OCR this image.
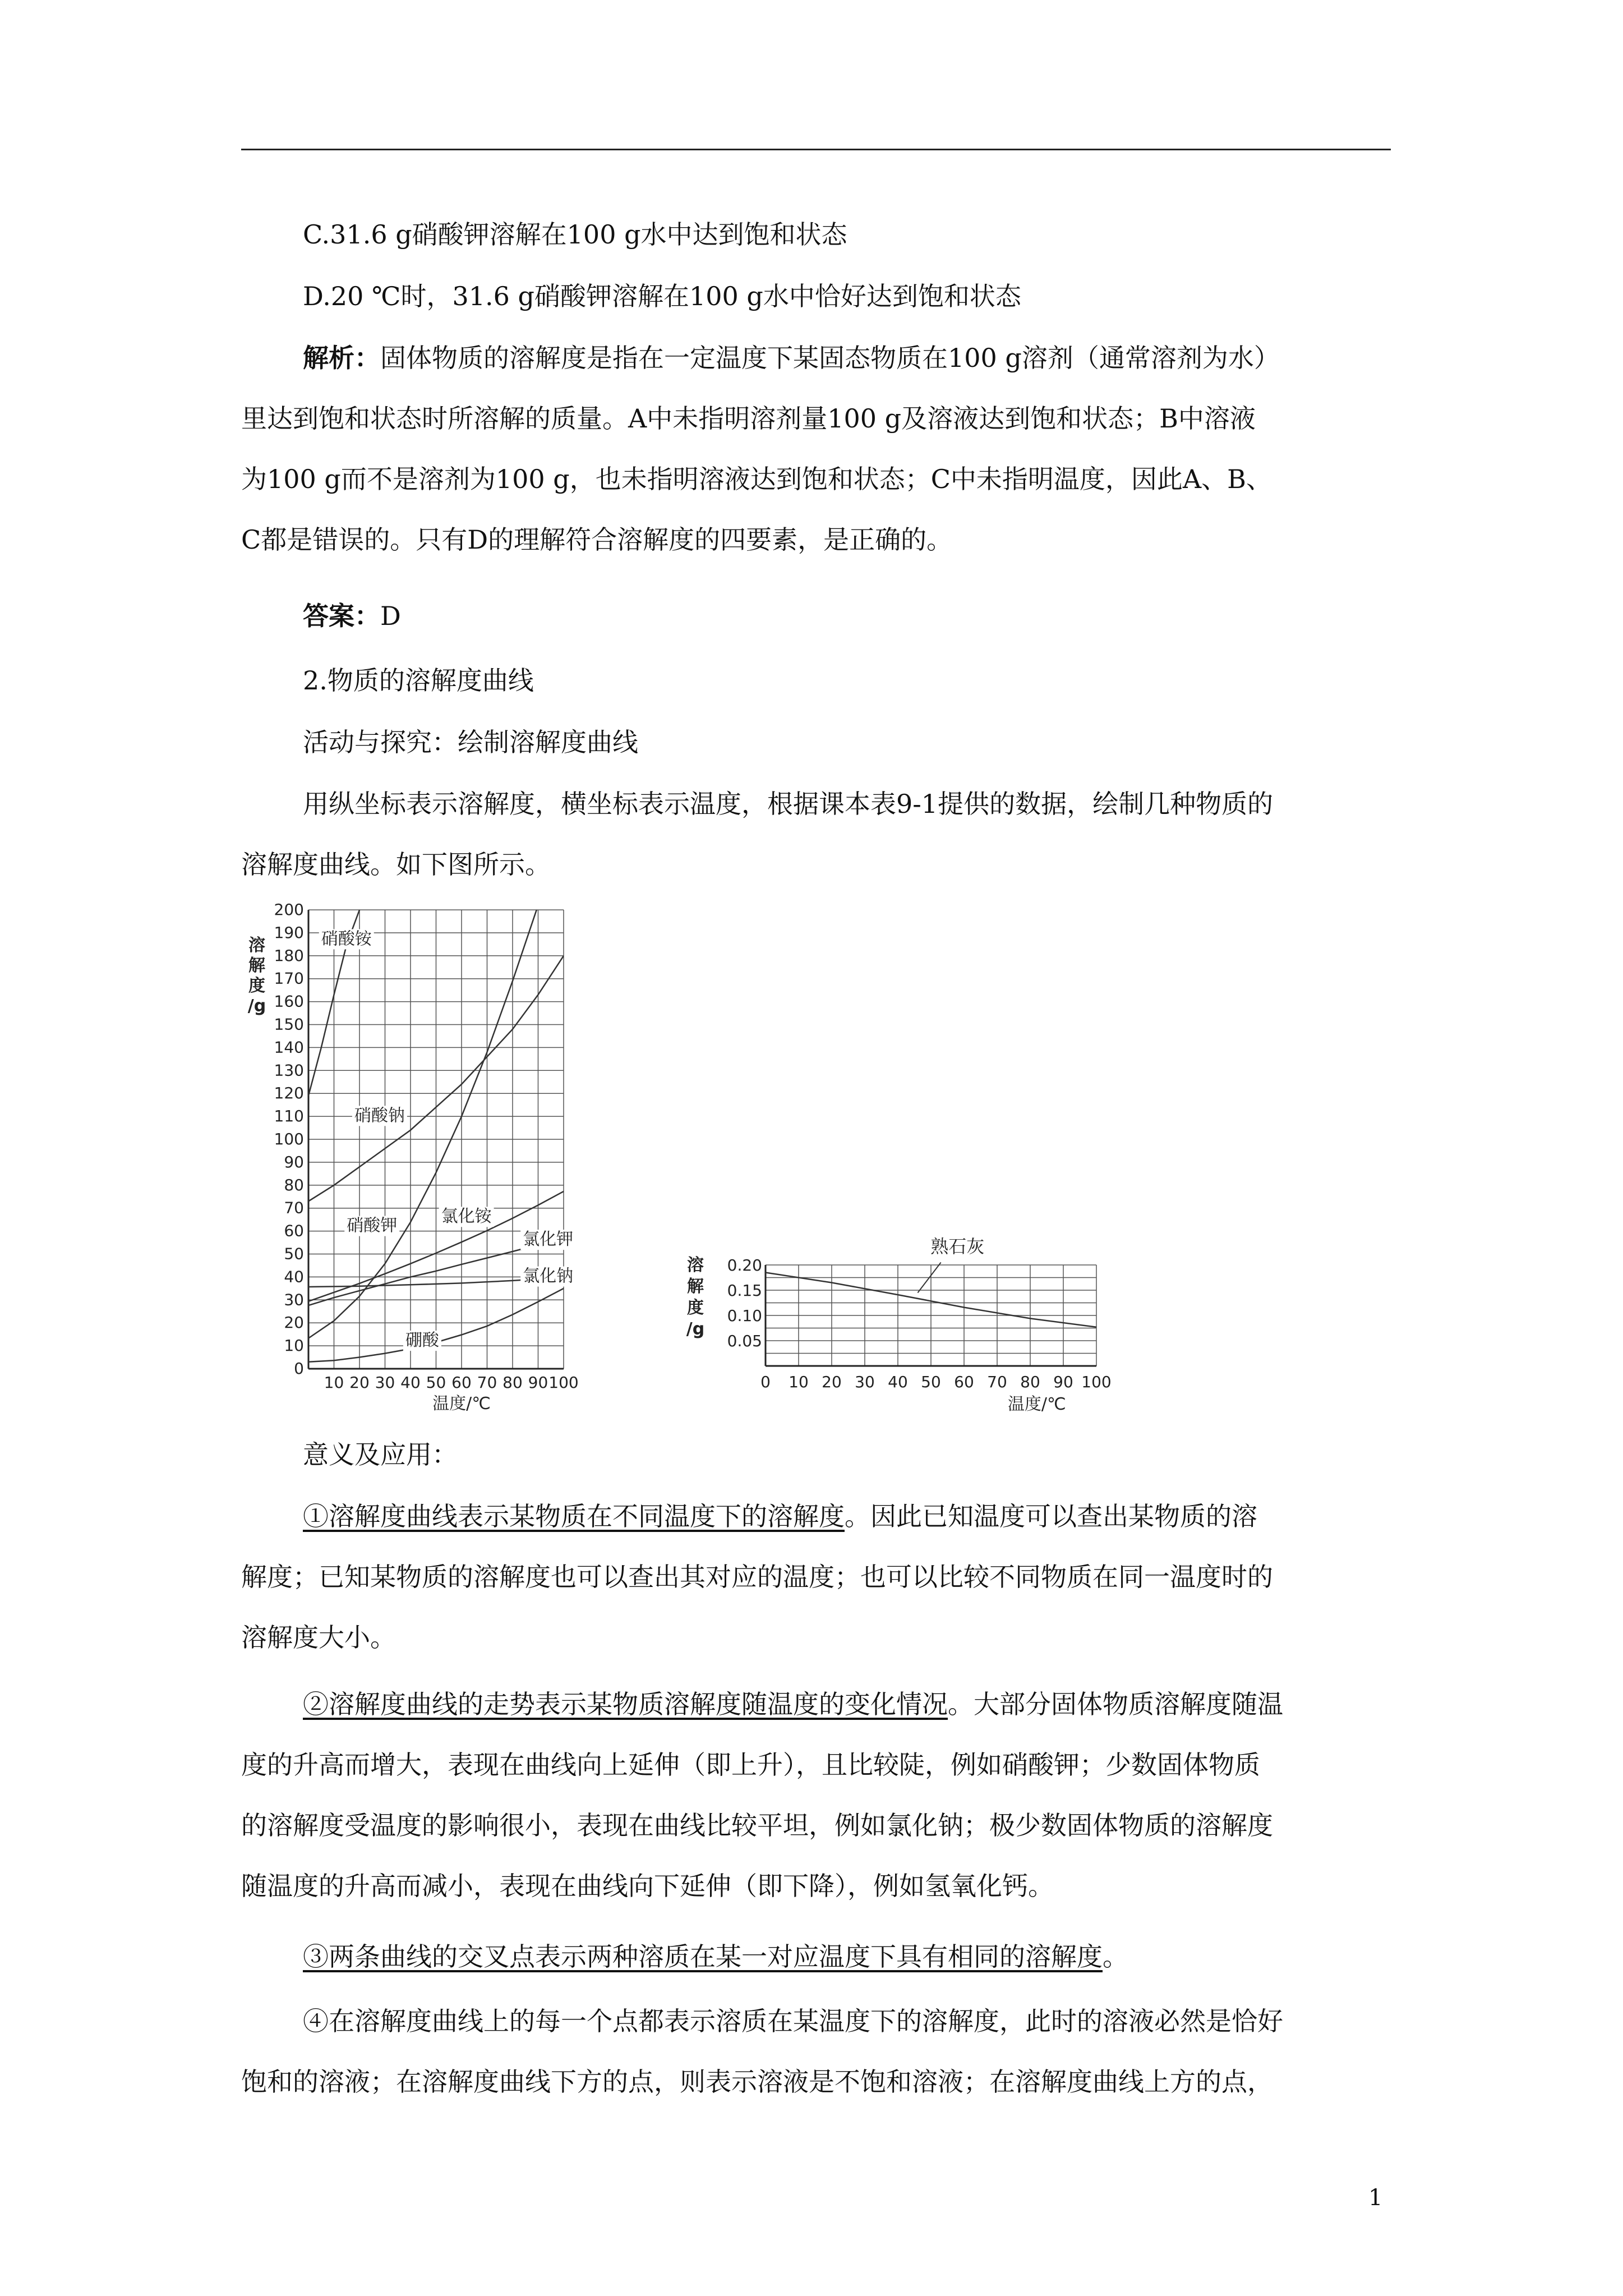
C.31.6 g硝酸钾溶解在100 g水中达到饱和状态

D.20 ℃时，31.6 g硝酸钾溶解在100 g水中恰好达到饱和状态

解析：固体物质的溶解度是指在一定温度下某固态物质在100 g溶剂（通常溶剂为水）
里达到饱和状态时所溶解的质量。A中未指明溶剂量100 g及溶液达到饱和状态；B中溶液
为100 g而不是溶剂为100 g，也未指明溶液达到饱和状态；C中未指明温度，因此A、B、
C都是错误的。只有D的理解符合溶解度的四要素，是正确的。

答案：D

2.物质的溶解度曲线

活动与探究：绘制溶解度曲线

用纵坐标表示溶解度，横坐标表示温度，根据课本表9-1提供的数据，绘制几种物质的
溶解度曲线。如下图所示。
0
10
20
30
40
50
60
70
80
90
100
110
120
130
140
150
160
170
180
190
200
10 20 30 40 50 60 70 80 90 100
温度/℃
溶解度/g
硝酸铵
硝酸钠
硝酸钾	氯化铵
氯化钾
氯化钠
硼酸	0.05
0.10
0.15
0.20
0 10 20 30 40 50 60 70 80 90 100
温度/℃
溶解度/g
熟石灰

意义及应用：

①溶解度曲线表示某物质在不同温度下的溶解度。因此已知温度可以查出某物质的溶
解度；已知某物质的溶解度也可以查出其对应的温度；也可以比较不同物质在同一温度时的
溶解度大小。
②溶解度曲线的走势表示某物质溶解度随温度的变化情况。大部分固体物质溶解度随温
度的升高而增大，表现在曲线向上延伸（即上升），且比较陡，例如硝酸钾；少数固体物质
的溶解度受温度的影响很小，表现在曲线比较平坦，例如氯化钠；极少数固体物质的溶解度
随温度的升高而减小，表现在曲线向下延伸（即下降），例如氢氧化钙。

③两条曲线的交叉点表示两种溶质在某一对应温度下具有相同的溶解度。

④在溶解度曲线上的每一个点都表示溶质在某温度下的溶解度，此时的溶液必然是恰好
饱和的溶液；在溶解度曲线下方的点，则表示溶液是不饱和溶液；在溶解度曲线上方的点，
1
